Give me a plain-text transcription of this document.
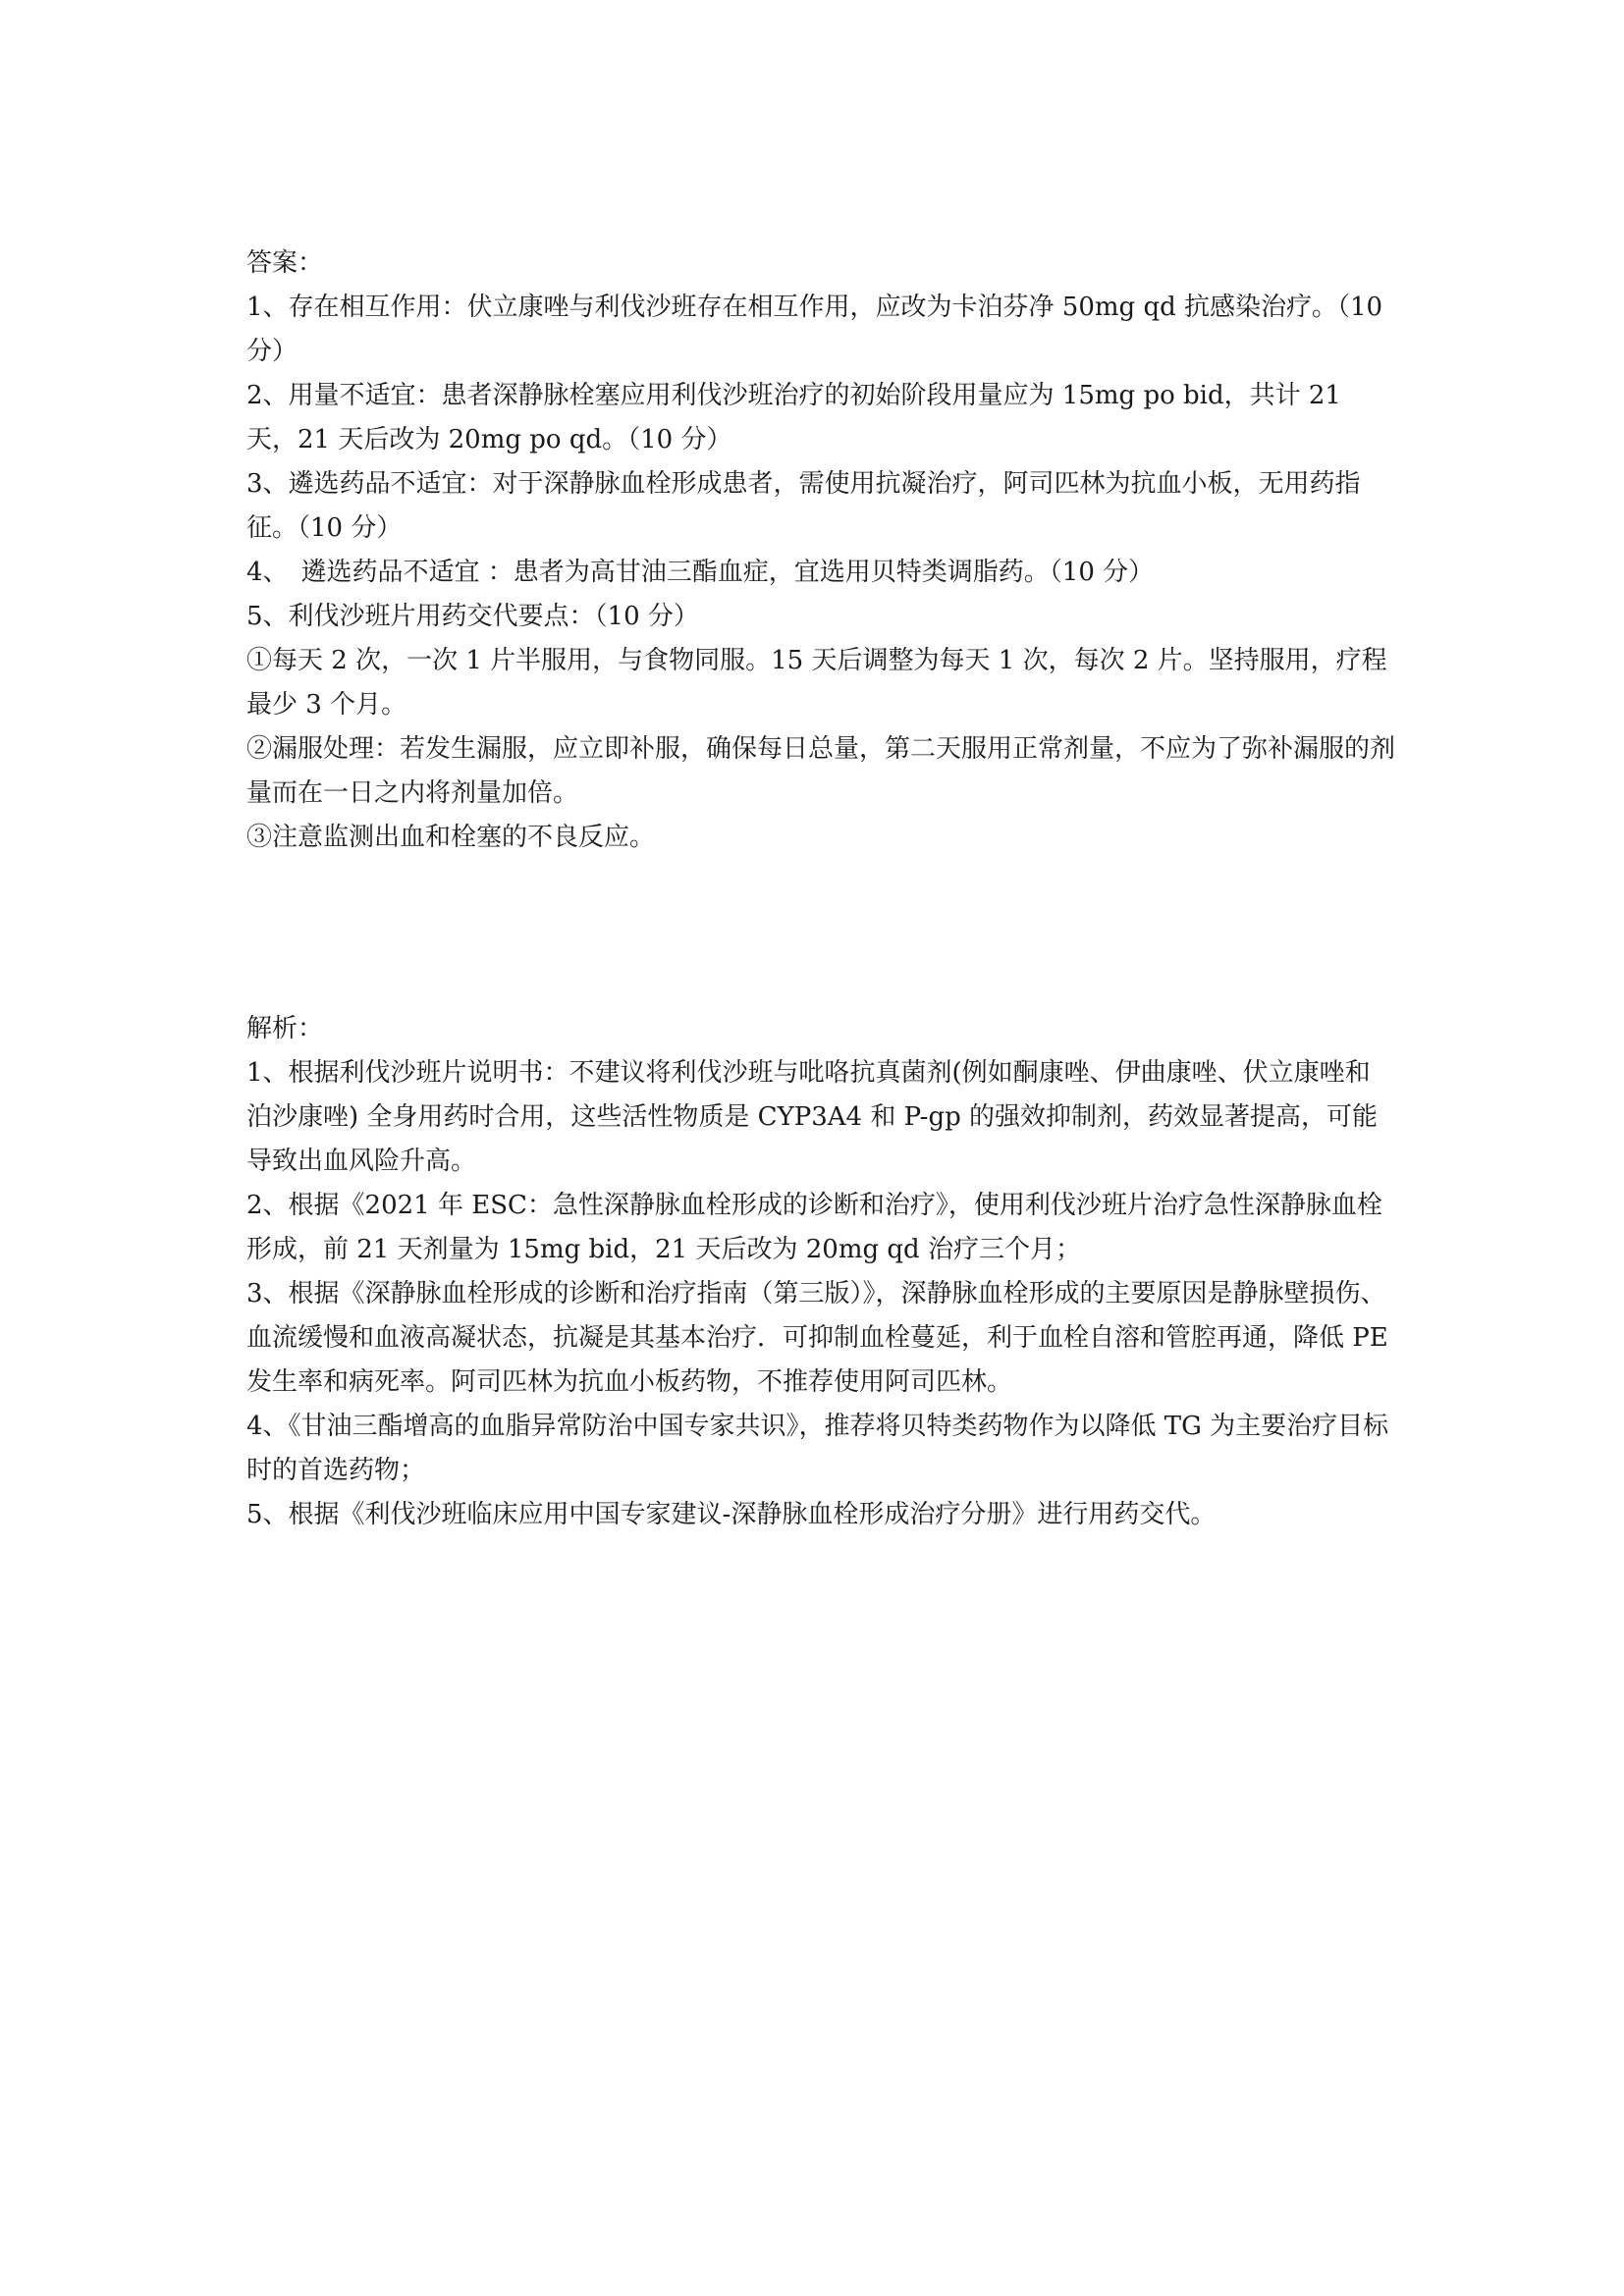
答案：

1、存在相互作用：伏立康唑与利伐沙班存在相互作用，应改为卡泊芬净 50mg qd 抗感染治疗。（10 分）

2、用量不适宜：患者深静脉栓塞应用利伐沙班治疗的初始阶段用量应为 15mg po bid，共计 21 天，21 天后改为 20mg po qd。（10 分）

3、遴选药品不适宜：对于深静脉血栓形成患者，需使用抗凝治疗，阿司匹林为抗血小板，无用药指征。（10 分）

4、　遴选药品不适宜 ：患者为高甘油三酯血症，宜选用贝特类调脂药。（10 分）

5、利伐沙班片用药交代要点：（10 分）

①每天 2 次，一次 1 片半服用，与食物同服。15 天后调整为每天 1 次，每次 2 片。坚持服用，疗程最少 3 个月。

②漏服处理：若发生漏服，应立即补服，确保每日总量，第二天服用正常剂量，不应为了弥补漏服的剂量而在一日之内将剂量加倍。

③注意监测出血和栓塞的不良反应。

解析：

1、根据利伐沙班片说明书：不建议将利伐沙班与吡咯抗真菌剂(例如酮康唑、伊曲康唑、伏立康唑和泊沙康唑) 全身用药时合用，这些活性物质是 CYP3A4 和 P-gp 的强效抑制剂，药效显著提高，可能导致出血风险升高。

2、根据《2021 年 ESC：急性深静脉血栓形成的诊断和治疗》，使用利伐沙班片治疗急性深静脉血栓形成，前 21 天剂量为 15mg bid，21 天后改为 20mg qd 治疗三个月；

3、根据《深静脉血栓形成的诊断和治疗指南（第三版）》，深静脉血栓形成的主要原因是静脉壁损伤、血流缓慢和血液高凝状态，抗凝是其基本治疗．可抑制血栓蔓延，利于血栓自溶和管腔再通，降低 PE 发生率和病死率。阿司匹林为抗血小板药物，不推荐使用阿司匹林。

4、《甘油三酯增高的血脂异常防治中国专家共识》，推荐将贝特类药物作为以降低 TG 为主要治疗目标时的首选药物；

5、根据《利伐沙班临床应用中国专家建议-深静脉血栓形成治疗分册》进行用药交代。
